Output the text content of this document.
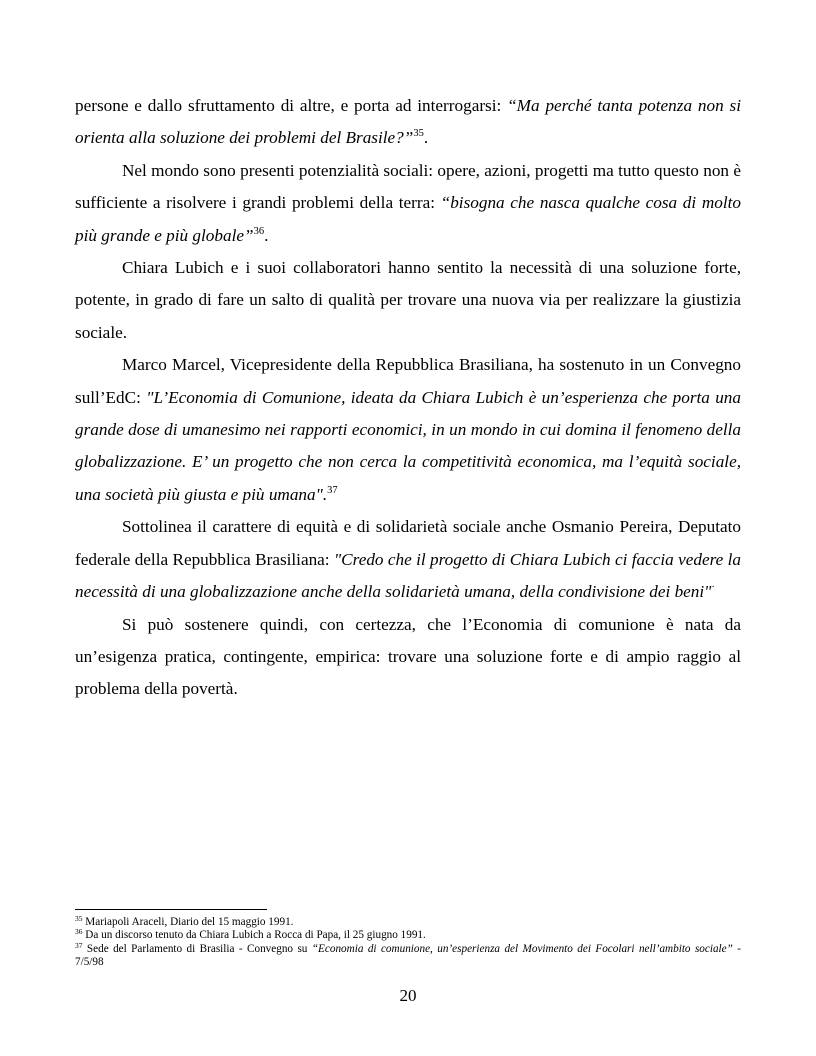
persone e dallo sfruttamento di altre, e porta ad interrogarsi: “Ma perché tanta potenza non si orienta alla soluzione dei problemi del Brasile?”$^{35}$.

Nel mondo sono presenti potenzialità sociali: opere, azioni, progetti ma tutto questo non è sufficiente a risolvere i grandi problemi della terra: “bisogna che nasca qualche cosa di molto più grande e più globale”$^{36}$.

Chiara Lubich e i suoi collaboratori hanno sentito la necessità di una soluzione forte, potente, in grado di fare un salto di qualità per trovare una nuova via per realizzare la giustizia sociale.

Marco Marcel, Vicepresidente della Repubblica Brasiliana, ha sostenuto in un Convegno sull’EdC: "L’Economia di Comunione, ideata da Chiara Lubich è un’esperienza che porta una grande dose di umanesimo nei rapporti economici, in un mondo in cui domina il fenomeno della globalizzazione. E’ un progetto che non cerca la competitività economica, ma l’equità sociale, una società più giusta e più umana".$^{37}$

Sottolinea il carattere di equità e di solidarietà sociale anche Osmanio Pereira, Deputato federale della Repubblica Brasiliana: "Credo che il progetto di Chiara Lubich ci faccia vedere la necessità di una globalizzazione anche della solidarietà umana, della condivisione dei beni"·

Si può sostenere quindi, con certezza, che l’Economia di comunione è nata da un’esigenza pratica, contingente, empirica: trovare una soluzione forte e di ampio raggio al problema della povertà.

$^{35}$ Mariapoli Araceli, Diario del 15 maggio 1991.
$^{36}$ Da un discorso tenuto da Chiara Lubich a Rocca di Papa, il 25 giugno 1991.
$^{37}$ Sede del Parlamento di Brasilia - Convegno su “Economia di comunione, un’esperienza del Movimento dei Focolari nell’ambito sociale” - 7/5/98
20
